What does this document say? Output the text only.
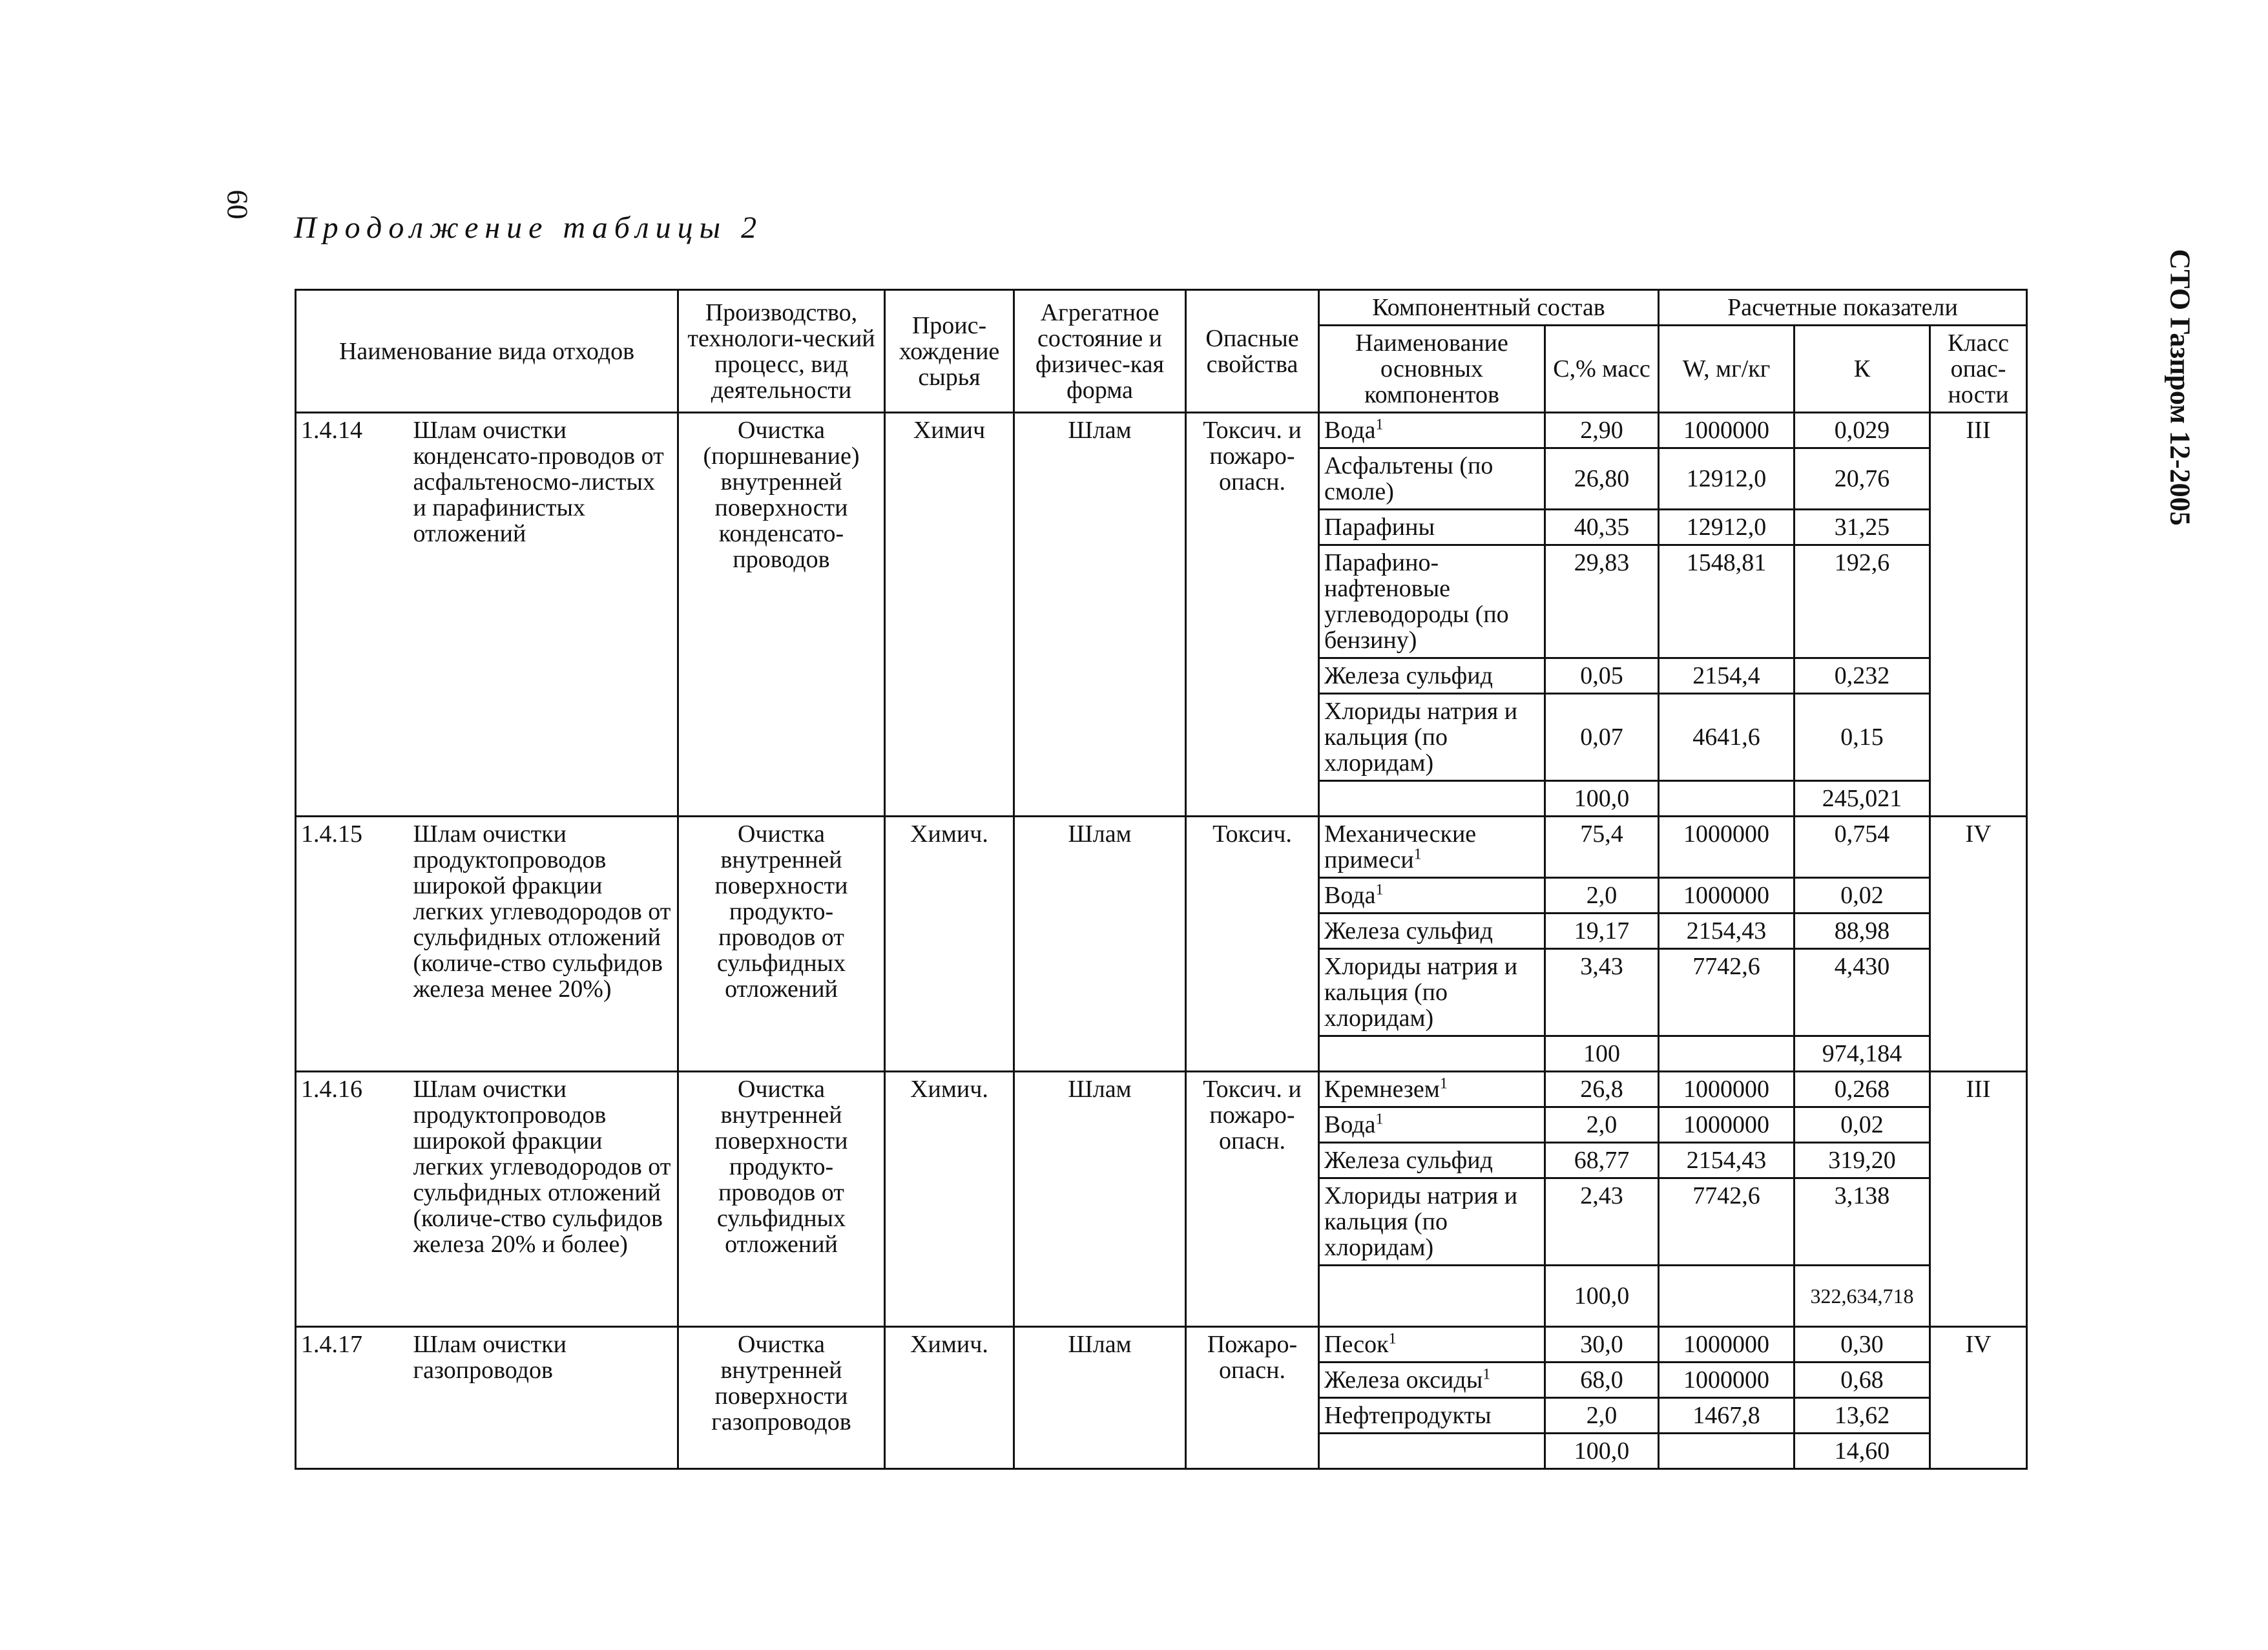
60
СТО Газпром 12-2005
Продолжение таблицы 2
Наименование вида отходов		Производство, технологи-ческий процесс, вид деятельности	Проис-хождение сырья	Агрегатное состояние и физичес-кая форма	Опасные свойства	Компонентный состав		Расчетные показатели		
						Наименование основных компонентов	С,% масс	W, мг/кг	К	Класс опас-ности
1.4.14	Шлам очистки конденсато-проводов от асфальтеносмо-листых и парафинистых отложений	Очистка (поршневание) внутренней поверхности конденсато-проводов	Химич	Шлам	Токсич. и пожаро-опасн.	Вода$^1$	2,90	1000000	0,029	III
						Асфальтены (по смоле)	26,80	12912,0	20,76	
						Парафины	40,35	12912,0	31,25	
						Парафино-нафтеновые углеводороды (по бензину)	29,83	1548,81	192,6	
						Железа сульфид	0,05	2154,4	0,232	
						Хлориды натрия и кальция (по хлоридам)	0,07	4641,6	0,15	
							100,0		245,021	
1.4.15	Шлам очистки продуктопроводов широкой фракции легких углеводородов от сульфидных отложений (количе-ство сульфидов железа менее 20%)	Очистка внутренней поверхности продукто-проводов от сульфидных отложений	Химич.	Шлам	Токсич.	Механические примеси$^1$	75,4	1000000	0,754	IV
						Вода$^1$	2,0	1000000	0,02	
						Железа сульфид	19,17	2154,43	88,98	
						Хлориды натрия и кальция (по хлоридам)	3,43	7742,6	4,430	
							100		974,184	
1.4.16	Шлам очистки продуктопроводов широкой фракции легких углеводородов от сульфидных отложений (количе-ство сульфидов железа 20% и более)	Очистка внутренней поверхности продукто-проводов от сульфидных отложений	Химич.	Шлам	Токсич. и пожаро-опасн.	Кремнезем$^1$	26,8	1000000	0,268	III
						Вода$^1$	2,0	1000000	0,02	
						Железа сульфид	68,77	2154,43	319,20	
						Хлориды натрия и кальция (по хлоридам)	2,43	7742,6	3,138	
							100,0		322,634,718	
1.4.17	Шлам очистки газопроводов	Очистка внутренней поверхности газопроводов	Химич.	Шлам	Пожаро-опасн.	Песок$^1$	30,0	1000000	0,30	IV
						Железа оксиды$^1$	68,0	1000000	0,68	
						Нефтепродукты	2,0	1467,8	13,62	
							100,0		14,60	
